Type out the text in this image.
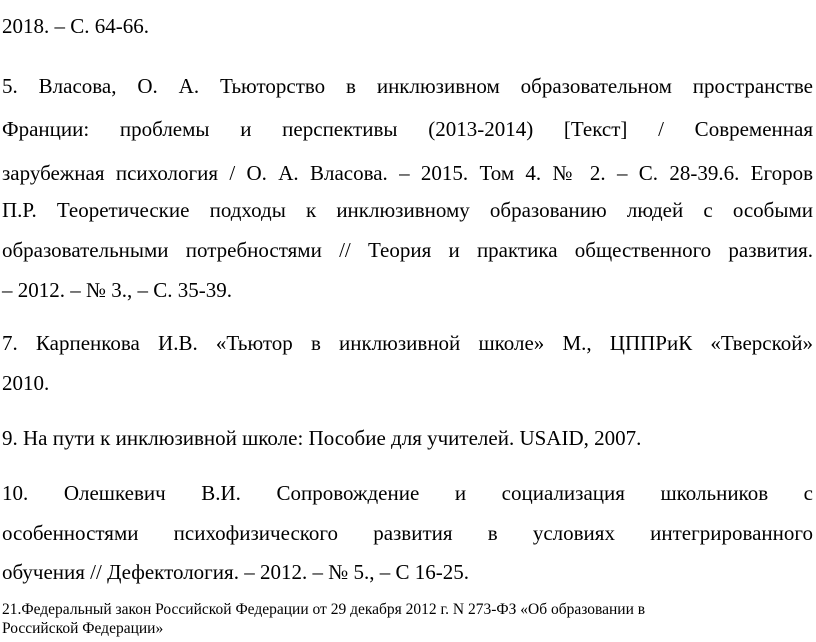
2018. – С. 64-66.
5. Власова, О. А. Тьюторство в инклюзивном образовательном пространстве
Франции: проблемы и перспективы (2013-2014) [Текст] / Современная
зарубежная психология / О. А. Власова. – 2015. Том 4. № 2. – С. 28-39.6. Егоров
П.Р. Теоретические подходы к инклюзивному образованию людей с особыми
образовательными потребностями // Теория и практика общественного развития.
– 2012. – № 3., – С. 35-39.
7. Карпенкова И.В. «Тьютор в инклюзивной школе» М., ЦППРиК «Тверской»
2010.
9. На пути к инклюзивной школе: Пособие для учителей. USAID, 2007.
10. Олешкевич В.И. Сопровождение и социализация школьников с
особенностями психофизического развития в условиях интегрированного
обучения // Дефектология. – 2012. – № 5., – С 16-25.
21.Федеральный закон Российской Федерации от 29 декабря 2012 г. N 273-ФЗ «Об образовании в
Российской Федерации»
